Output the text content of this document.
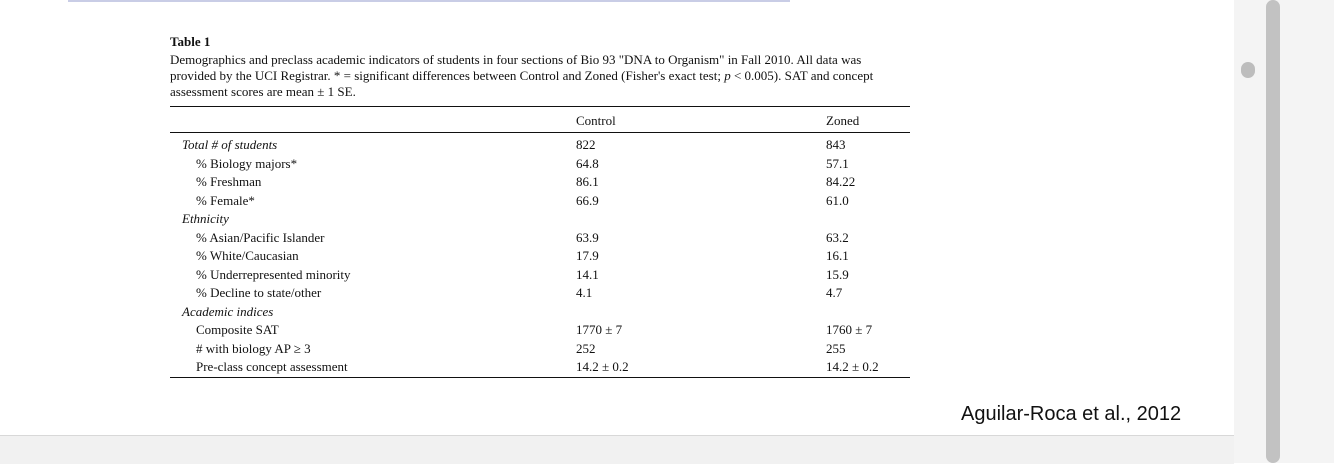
Table 1
Demographics and preclass academic indicators of students in four sections of Bio 93 "DNA to Organism" in Fall 2010. All data was provided by the UCI Registrar. * = significant differences between Control and Zoned (Fisher's exact test; p < 0.005). SAT and concept assessment scores are mean ± 1 SE.
	Control	Zoned
Total # of students	822	843
% Biology majors*	64.8	57.1
% Freshman	86.1	84.22
% Female*	66.9	61.0
Ethnicity		
% Asian/Pacific Islander	63.9	63.2
% White/Caucasian	17.9	16.1
% Underrepresented minority	14.1	15.9
% Decline to state/other	4.1	4.7
Academic indices		
Composite SAT	1770 ± 7	1760 ± 7
# with biology AP ≥ 3	252	255
Pre-class concept assessment	14.2 ± 0.2	14.2 ± 0.2
Aguilar-Roca et al., 2012
